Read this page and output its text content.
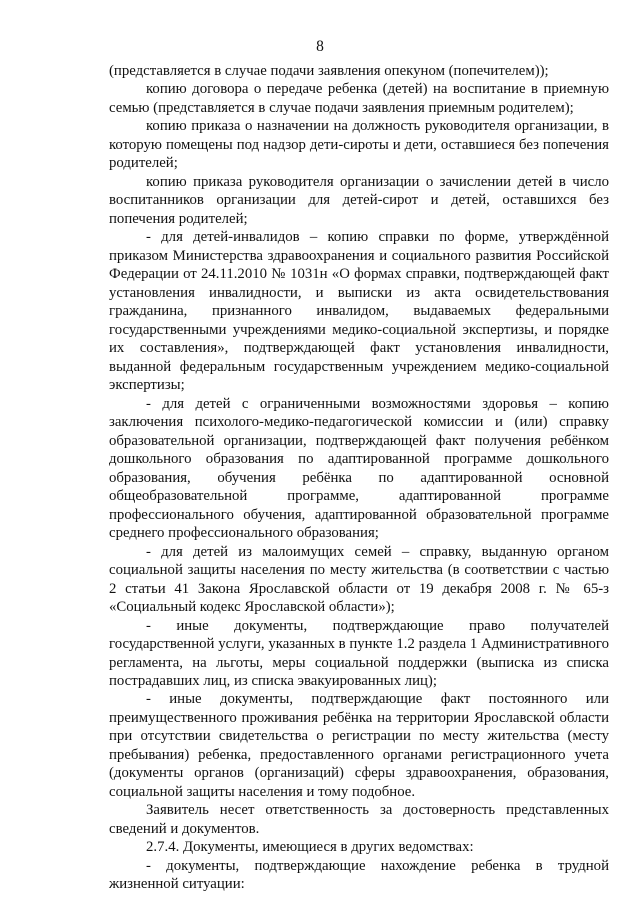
8

(представляется в случае подачи заявления опекуном (попечителем));

копию договора о передаче ребенка (детей) на воспитание в приемную семью (представляется в случае подачи заявления приемным родителем);

копию приказа о назначении на должность руководителя организации, в которую помещены под надзор дети-сироты и дети, оставшиеся без попечения родителей;

копию приказа руководителя организации о зачислении детей в число воспитанников организации для детей-сирот и детей, оставшихся без попечения родителей;

- для детей-инвалидов – копию справки по форме, утверждённой приказом Министерства здравоохранения и социального развития Российской Федерации от 24.11.2010 № 1031н «О формах справки, подтверждающей факт установления инвалидности, и выписки из акта освидетельствования гражданина, признанного инвалидом, выдаваемых федеральными государственными учреждениями медико-социальной экспертизы, и порядке их составления», подтверждающей факт установления инвалидности, выданной федеральным государственным учреждением медико-социальной экспертизы;

- для детей с ограниченными возможностями здоровья – копию заключения психолого-медико-педагогической комиссии и (или) справку образовательной организации, подтверждающей факт получения ребёнком дошкольного образования по адаптированной программе дошкольного образования, обучения ребёнка по адаптированной основной общеобразовательной программе, адаптированной программе профессионального обучения, адаптированной образовательной программе среднего профессионального образования;

- для детей из малоимущих семей – справку, выданную органом социальной защиты населения по месту жительства (в соответствии с частью 2 статьи 41 Закона Ярославской области от 19 декабря 2008 г. № 65-з «Социальный кодекс Ярославской области»);

- иные документы, подтверждающие право получателей государственной услуги, указанных в пункте 1.2 раздела 1 Административного регламента, на льготы, меры социальной поддержки (выписка из списка пострадавших лиц, из списка эвакуированных лиц);

- иные документы, подтверждающие факт постоянного или преимущественного проживания ребёнка на территории Ярославской области при отсутствии свидетельства о регистрации по месту жительства (месту пребывания) ребенка, предоставленного органами регистрационного учета (документы органов (организаций) сферы здравоохранения, образования, социальной защиты населения и тому подобное.

Заявитель несет ответственность за достоверность представленных сведений и документов.

2.7.4. Документы, имеющиеся в других ведомствах:

- документы, подтверждающие нахождение ребенка в трудной жизненной ситуации:
